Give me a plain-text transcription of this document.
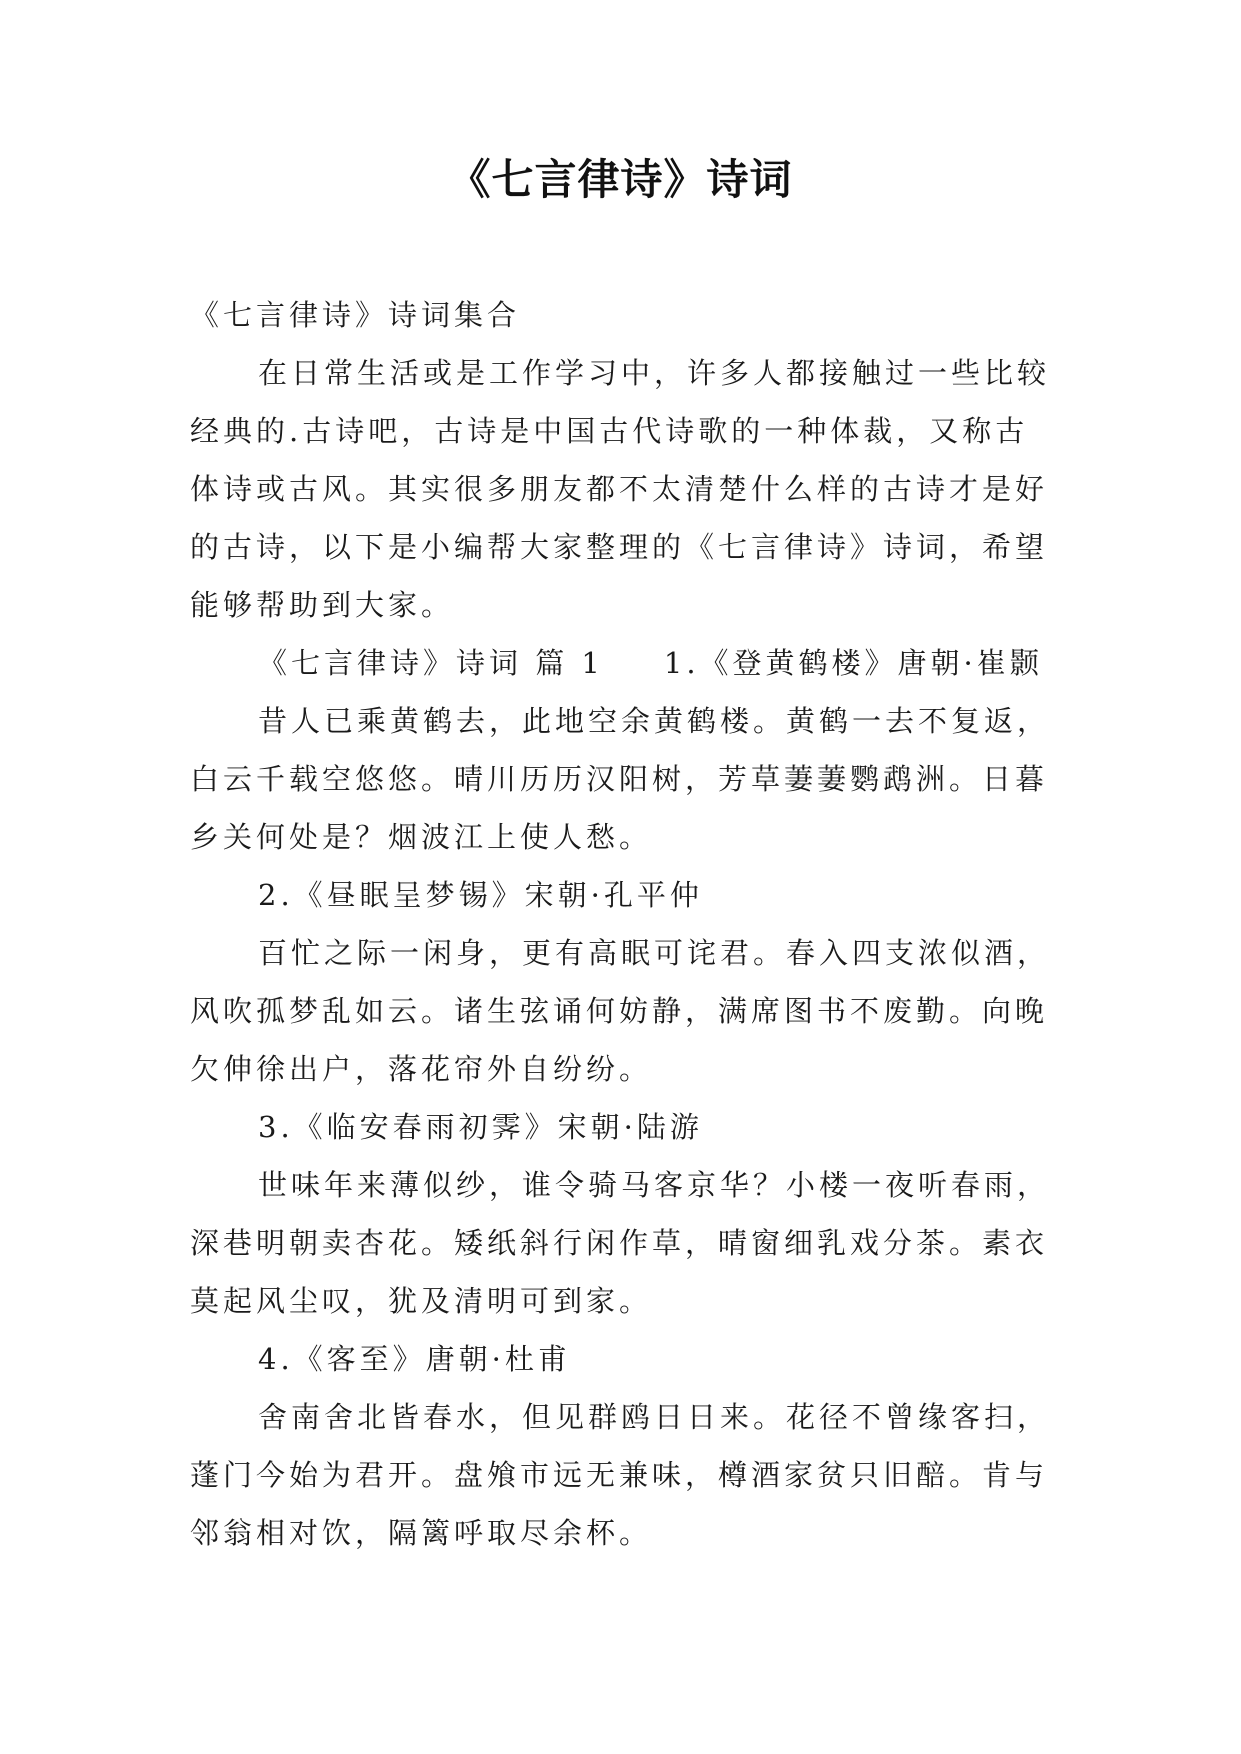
《七言律诗》诗词
《七言律诗》诗词集合
在日常生活或是工作学习中，许多人都接触过一些比较
经典的.古诗吧，古诗是中国古代诗歌的一种体裁，又称古
体诗或古风。其实很多朋友都不太清楚什么样的古诗才是好
的古诗，以下是小编帮大家整理的《七言律诗》诗词，希望
能够帮助到大家。
《七言律诗》诗词 篇 1 1.《登黄鹤楼》唐朝·崔颢
昔人已乘黄鹤去，此地空余黄鹤楼。黄鹤一去不复返，
白云千载空悠悠。晴川历历汉阳树，芳草萋萋鹦鹉洲。日暮
乡关何处是？烟波江上使人愁。
2.《昼眠呈梦锡》宋朝·孔平仲
百忙之际一闲身，更有高眠可诧君。春入四支浓似酒，
风吹孤梦乱如云。诸生弦诵何妨静，满席图书不废勤。向晚
欠伸徐出户，落花帘外自纷纷。
3.《临安春雨初霁》宋朝·陆游
世味年来薄似纱，谁令骑马客京华？小楼一夜听春雨，
深巷明朝卖杏花。矮纸斜行闲作草，晴窗细乳戏分茶。素衣
莫起风尘叹，犹及清明可到家。
4.《客至》唐朝·杜甫
舍南舍北皆春水，但见群鸥日日来。花径不曾缘客扫，
蓬门今始为君开。盘飧市远无兼味，樽酒家贫只旧醅。肯与
邻翁相对饮，隔篱呼取尽余杯。
